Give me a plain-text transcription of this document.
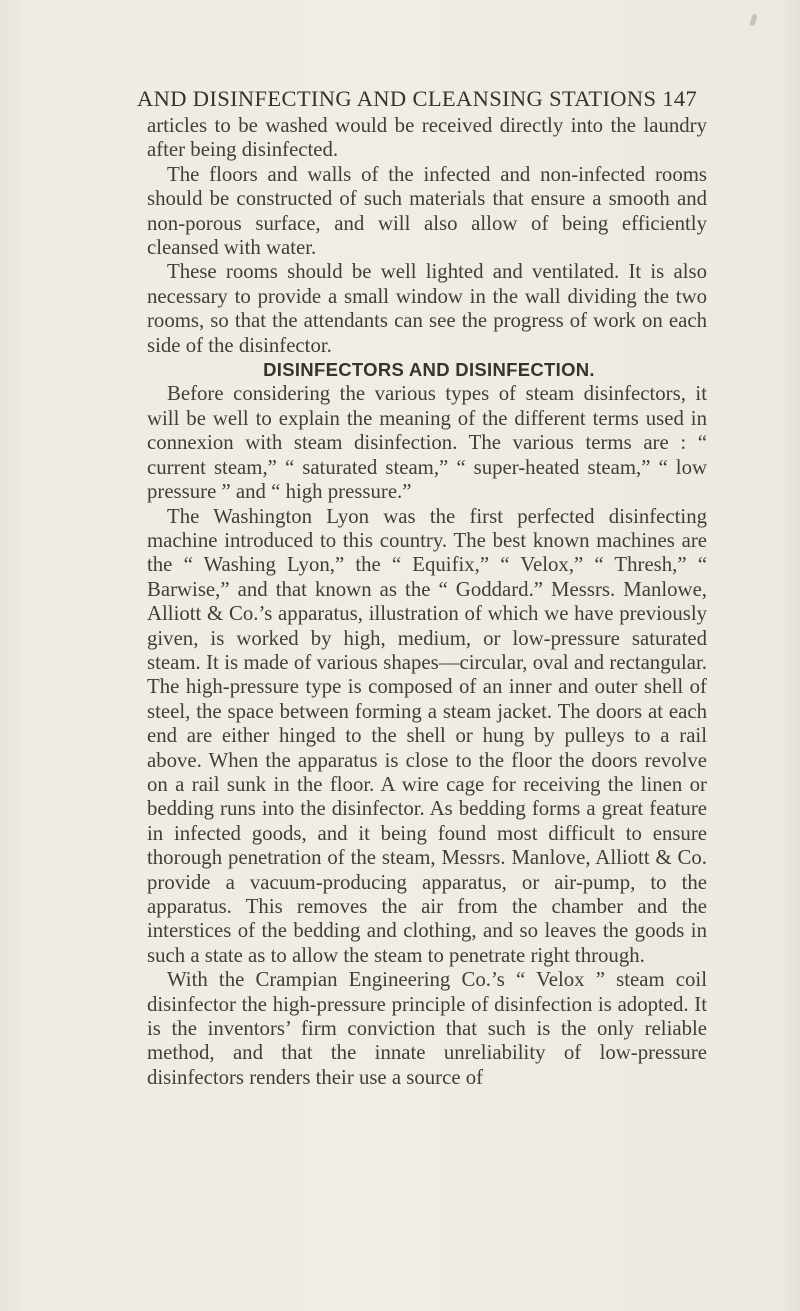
AND DISINFECTING AND CLEANSING STATIONS 147

articles to be washed would be received directly into the laundry after being disinfected.

The floors and walls of the infected and non-infected rooms should be constructed of such materials that ensure a smooth and non-porous surface, and will also allow of being efficiently cleansed with water.

These rooms should be well lighted and ventilated. It is also necessary to provide a small window in the wall dividing the two rooms, so that the attendants can see the progress of work on each side of the disinfector.

DISINFECTORS AND DISINFECTION.

Before considering the various types of steam disinfectors, it will be well to explain the meaning of the different terms used in connexion with steam disinfection. The various terms are : “ current steam,” “ saturated steam,” “ super-heated steam,” “ low pressure ” and “ high pressure.”

The Washington Lyon was the first perfected disinfecting machine introduced to this country. The best known machines are the “ Washing Lyon,” the “ Equifix,” “ Velox,” “ Thresh,” “ Barwise,” and that known as the “ Goddard.” Messrs. Manlowe, Alliott & Co.’s apparatus, illustration of which we have previously given, is worked by high, medium, or low-pressure saturated steam. It is made of various shapes—circular, oval and rectangular. The high-pressure type is composed of an inner and outer shell of steel, the space between forming a steam jacket. The doors at each end are either hinged to the shell or hung by pulleys to a rail above. When the apparatus is close to the floor the doors revolve on a rail sunk in the floor. A wire cage for receiving the linen or bedding runs into the disinfector. As bedding forms a great feature in infected goods, and it being found most difficult to ensure thorough penetration of the steam, Messrs. Manlove, Alliott & Co. provide a vacuum-producing apparatus, or air-pump, to the apparatus. This removes the air from the chamber and the interstices of the bedding and clothing, and so leaves the goods in such a state as to allow the steam to penetrate right through.

With the Crampian Engineering Co.’s “ Velox ” steam coil disinfector the high-pressure principle of disinfection is adopted. It is the inventors’ firm conviction that such is the only reliable method, and that the innate unreliability of low-pressure disinfectors renders their use a source of
